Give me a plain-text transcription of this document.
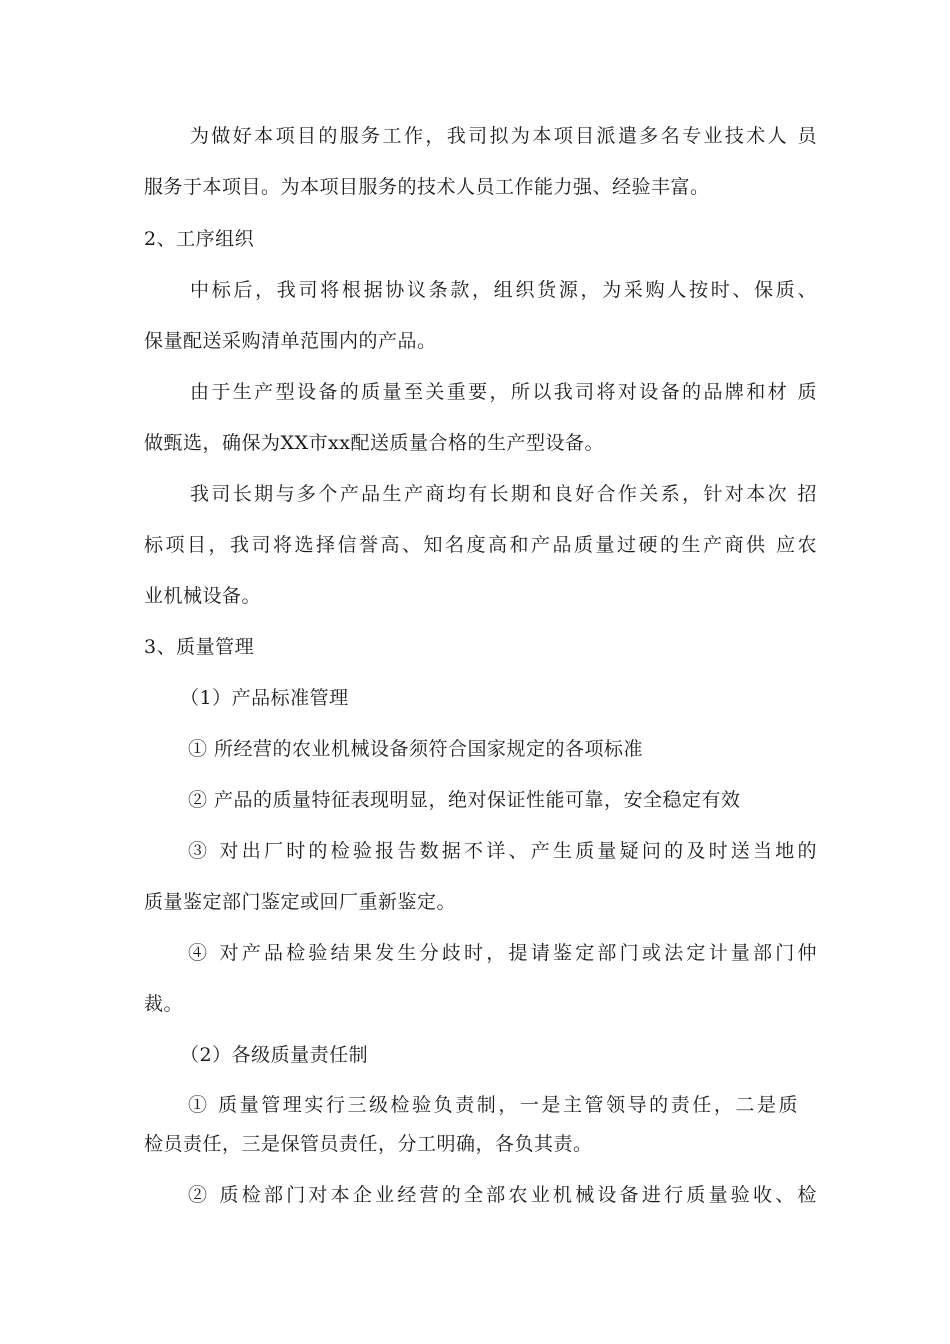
为做好本项目的服务工作，我司拟为本项目派遣多名专业技术人 员
服务于本项目。为本项目服务的技术人员工作能力强、经验丰富。
2、工序组织
中标后，我司将根据协议条款，组织货源，为采购人按时、保质、
保量配送采购清单范围内的产品。
由于生产型设备的质量至关重要，所以我司将对设备的品牌和材 质
做甄选，确保为XX市xx配送质量合格的生产型设备。
我司长期与多个产品生产商均有长期和良好合作关系，针对本次 招
标项目，我司将选择信誉高、知名度高和产品质量过硬的生产商供 应农
业机械设备。
3、质量管理
（1）产品标准管理
① 所经营的农业机械设备须符合国家规定的各项标准
② 产品的质量特征表现明显，绝对保证性能可靠，安全稳定有效
③ 对出厂时的检验报告数据不详、产生质量疑问的及时送当地的
质量鉴定部门鉴定或回厂重新鉴定。
④ 对产品检验结果发生分歧时，提请鉴定部门或法定计量部门仲
裁。
（2）各级质量责任制
① 质量管理实行三级检验负责制，一是主管领导的责任，二是质
检员责任，三是保管员责任，分工明确，各负其责。
② 质检部门对本企业经营的全部农业机械设备进行质量验收、检
